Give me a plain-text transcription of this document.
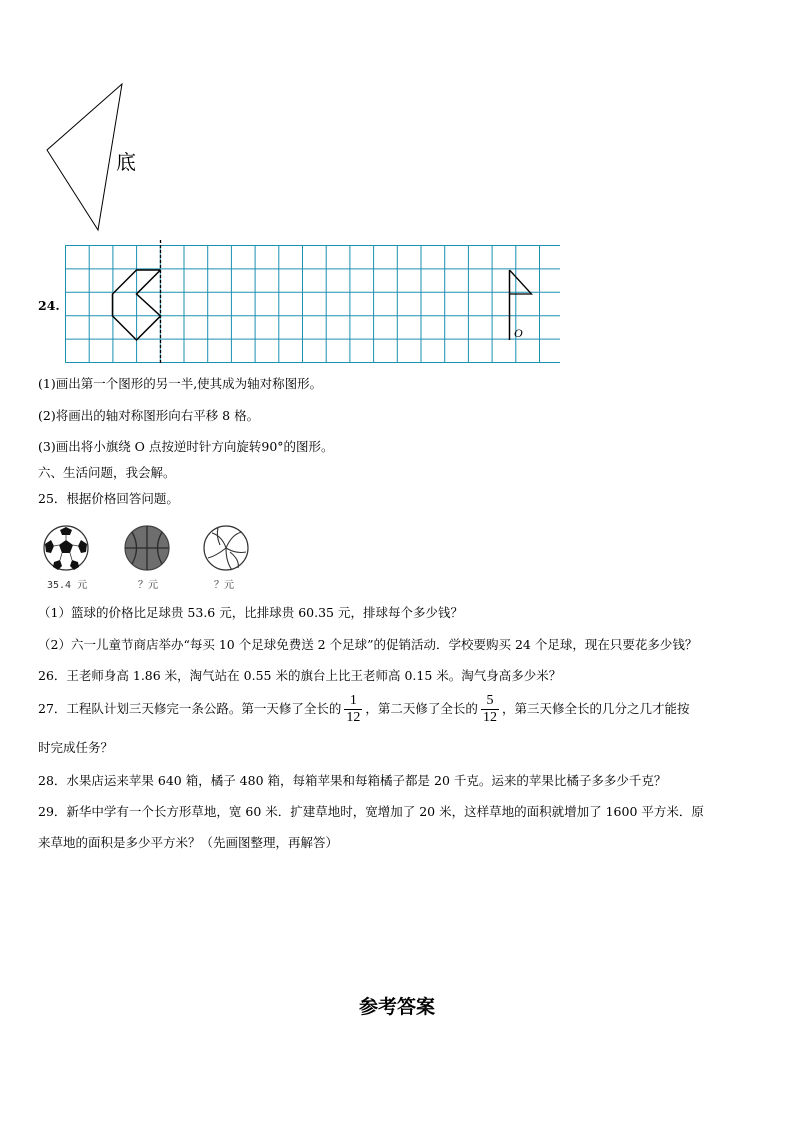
底
24.
O
(1)画出第一个图形的另一半,使其成为轴对称图形。
(2)将画出的轴对称图形向右平移 8 格。
(3)画出将小旗绕 O 点按逆时针方向旋转90°的图形。
六、生活问题，我会解。
25．根据价格回答问题。
35.4 元	？元	？元
（1）篮球的价格比足球贵 53.6 元，比排球贵 60.35 元，排球每个多少钱？
（2）六一儿童节商店举办“每买 10 个足球免费送 2 个足球”的促销活动．学校要购买 24 个足球，现在只要花多少钱？
26．王老师身高 1.86 米，淘气站在 0.55 米的旗台上比王老师高 0.15 米。淘气身高多少米？
27．工程队计划三天修完一条公路。第一天修了全长的 $\frac{1}{12}$ ，第二天修了全长的 $\frac{5}{12}$ ，第三天修全长的几分之几才能按
时完成任务？
28．水果店运来苹果 640 箱，橘子 480 箱，每箱苹果和每箱橘子都是 20 千克。运来的苹果比橘子多多少千克？
29．新华中学有一个长方形草地，宽 60 米．扩建草地时，宽增加了 20 米，这样草地的面积就增加了 1600 平方米．原
来草地的面积是多少平方米？（先画图整理，再解答）
参考答案
